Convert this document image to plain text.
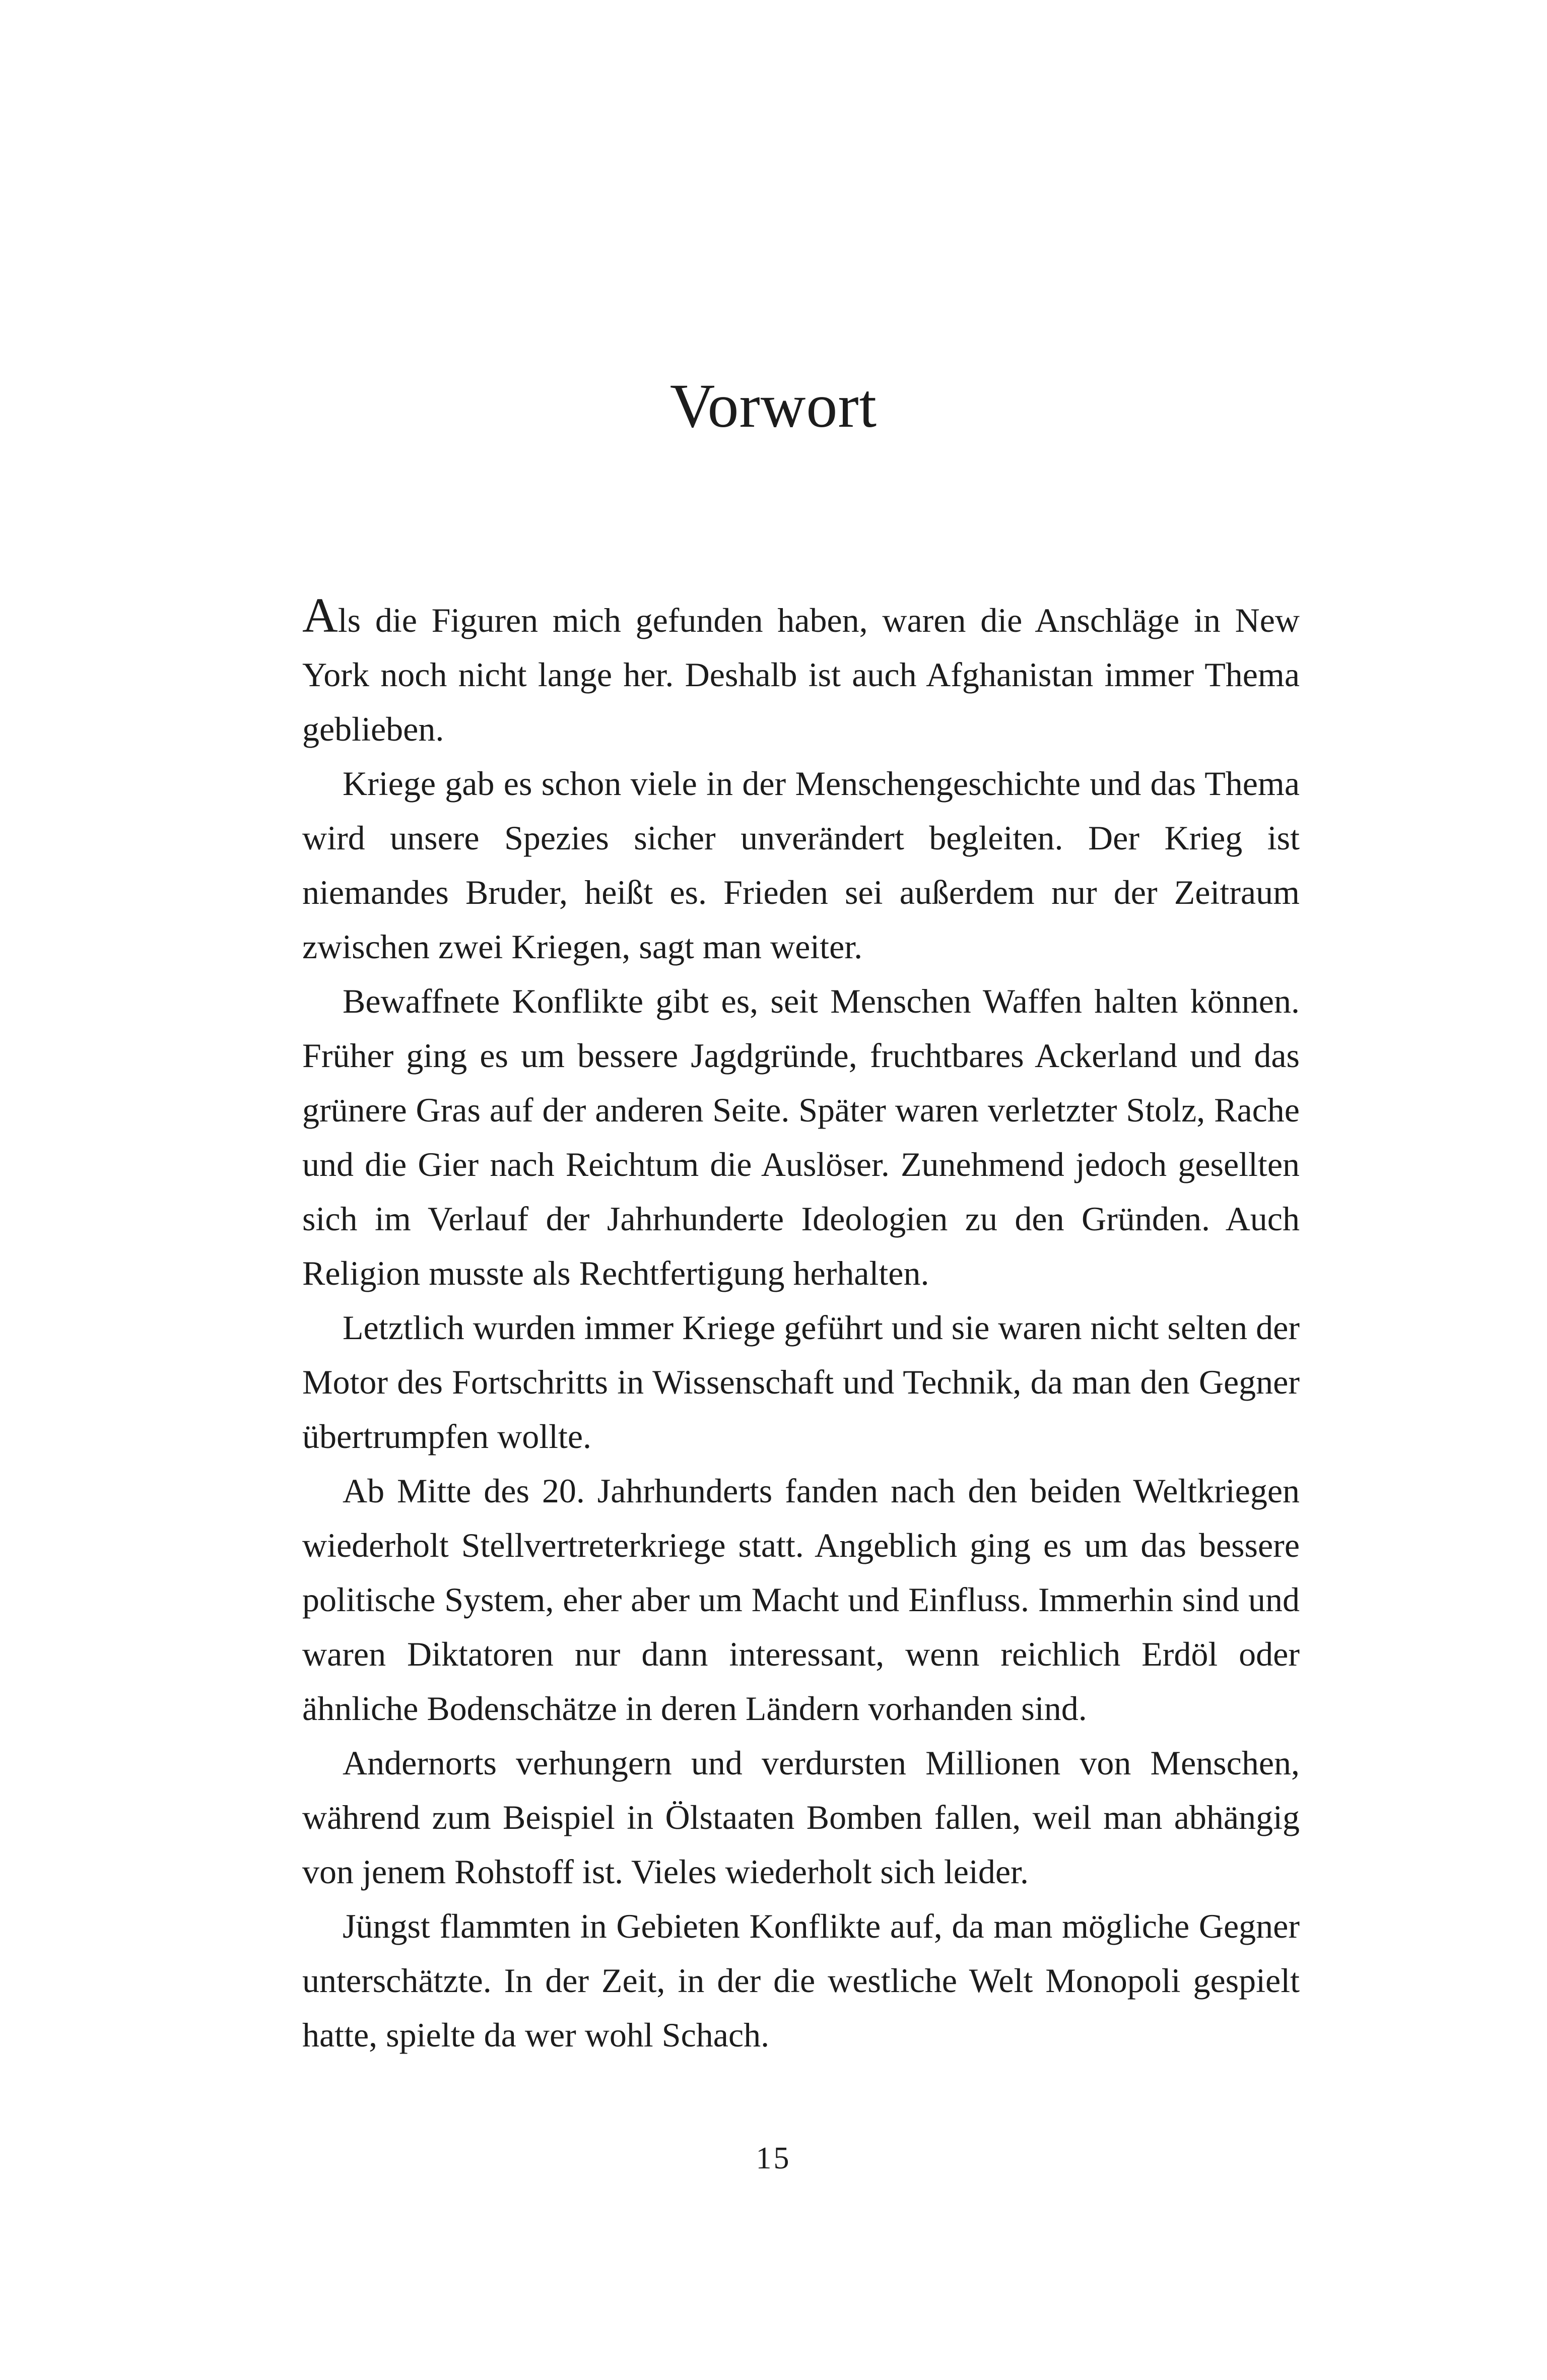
Vorwort

Als die Figuren mich gefunden haben, waren die Anschläge in New York noch nicht lange her. Deshalb ist auch Afghanistan immer Thema geblieben.

Kriege gab es schon viele in der Menschengeschichte und das Thema wird unsere Spezies sicher unverändert begleiten. Der Krieg ist niemandes Bruder, heißt es. Frieden sei außerdem nur der Zeitraum zwischen zwei Kriegen, sagt man weiter.

Bewaffnete Konflikte gibt es, seit Menschen Waffen halten können. Früher ging es um bessere Jagdgründe, fruchtbares Ackerland und das grünere Gras auf der anderen Seite. Später waren verletzter Stolz, Rache und die Gier nach Reichtum die Auslöser. Zunehmend jedoch gesellten sich im Verlauf der Jahrhunderte Ideologien zu den Gründen. Auch Religion musste als Rechtfertigung herhalten.

Letztlich wurden immer Kriege geführt und sie waren nicht selten der Motor des Fortschritts in Wissenschaft und Technik, da man den Gegner übertrumpfen wollte.

Ab Mitte des 20. Jahrhunderts fanden nach den beiden Weltkriegen wiederholt Stellvertreterkriege statt. Angeblich ging es um das bessere politische System, eher aber um Macht und Einfluss. Immerhin sind und waren Diktatoren nur dann interessant, wenn reichlich Erdöl oder ähnliche Bodenschätze in deren Ländern vorhanden sind.

Andernorts verhungern und verdursten Millionen von Menschen, während zum Beispiel in Ölstaaten Bomben fallen, weil man abhängig von jenem Rohstoff ist. Vieles wiederholt sich leider.

Jüngst flammten in Gebieten Konflikte auf, da man mögliche Gegner unterschätzte. In der Zeit, in der die westliche Welt Monopoli gespielt hatte, spielte da wer wohl Schach.

15
